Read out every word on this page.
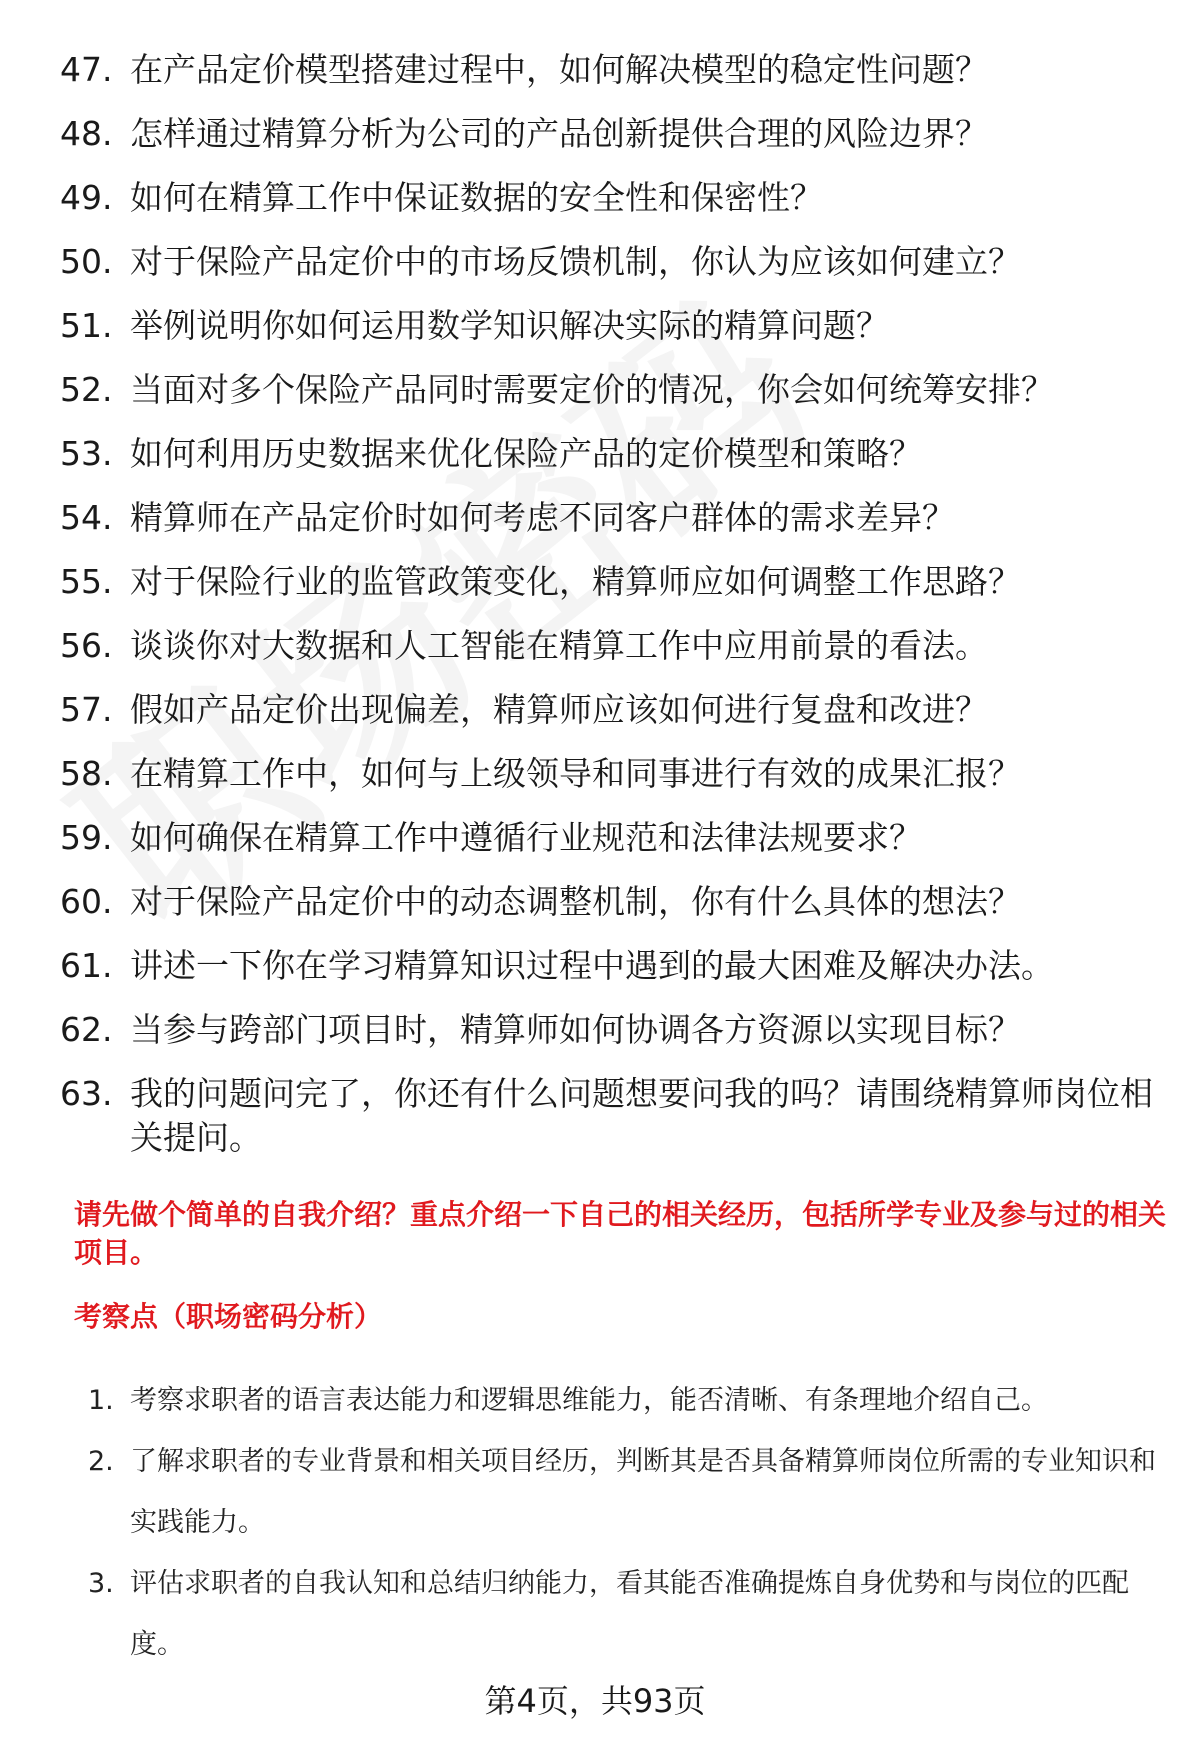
47. 在产品定价模型搭建过程中，如何解决模型的稳定性问题？
48. 怎样通过精算分析为公司的产品创新提供合理的风险边界？
49. 如何在精算工作中保证数据的安全性和保密性？
50. 对于保险产品定价中的市场反馈机制，你认为应该如何建立？
51. 举例说明你如何运用数学知识解决实际的精算问题？
52. 当面对多个保险产品同时需要定价的情况，你会如何统筹安排？
53. 如何利用历史数据来优化保险产品的定价模型和策略？
54. 精算师在产品定价时如何考虑不同客户群体的需求差异？
55. 对于保险行业的监管政策变化，精算师应如何调整工作思路？
56. 谈谈你对大数据和人工智能在精算工作中应用前景的看法。
57. 假如产品定价出现偏差，精算师应该如何进行复盘和改进？
58. 在精算工作中，如何与上级领导和同事进行有效的成果汇报？
59. 如何确保在精算工作中遵循行业规范和法律法规要求？
60. 对于保险产品定价中的动态调整机制，你有什么具体的想法？
61. 讲述一下你在学习精算知识过程中遇到的最大困难及解决办法。
62. 当参与跨部门项目时，精算师如何协调各方资源以实现目标？
63. 我的问题问完了，你还有什么问题想要问我的吗？请围绕精算师岗位相关提问。
请先做个简单的自我介绍？重点介绍一下自己的相关经历，包括所学专业及参与过的相关项目。
考察点（职场密码分析）
1. 考察求职者的语言表达能力和逻辑思维能力，能否清晰、有条理地介绍自己。
2. 了解求职者的专业背景和相关项目经历，判断其是否具备精算师岗位所需的专业知识和实践能力。
3. 评估求职者的自我认知和总结归纳能力，看其能否准确提炼自身优势和与岗位的匹配度。
第4页，共93页
